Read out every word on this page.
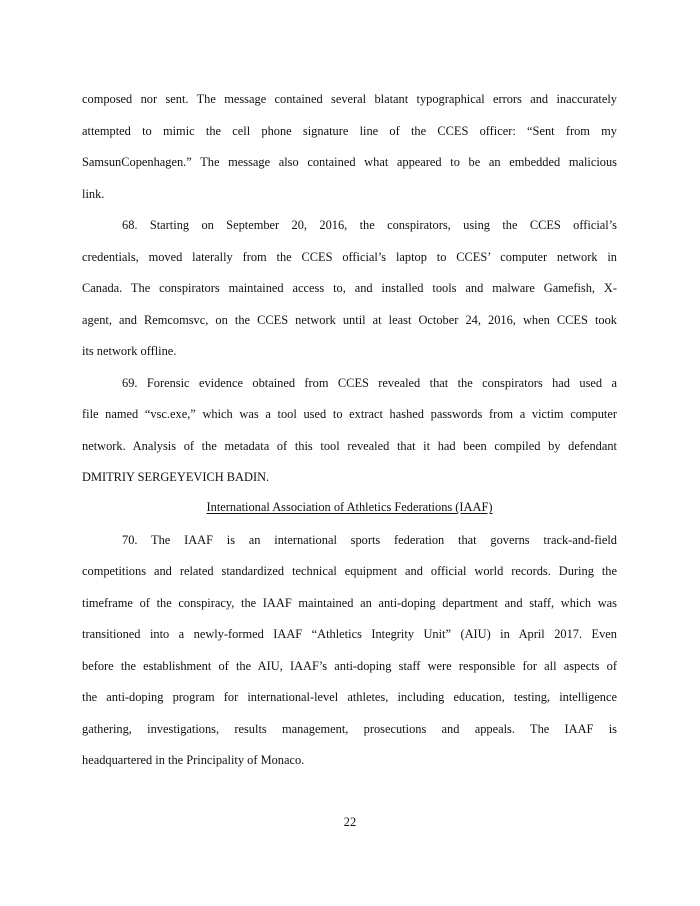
composed nor sent. The message contained several blatant typographical errors and inaccurately
attempted to mimic the cell phone signature line of the CCES officer: “Sent from my
SamsunCopenhagen.” The message also contained what appeared to be an embedded malicious
link.
68. Starting on September 20, 2016, the conspirators, using the CCES official’s
credentials, moved laterally from the CCES official’s laptop to CCES’ computer network in
Canada. The conspirators maintained access to, and installed tools and malware Gamefish, X-
agent, and Remcomsvc, on the CCES network until at least October 24, 2016, when CCES took
its network offline.
69. Forensic evidence obtained from CCES revealed that the conspirators had used a
file named “vsc.exe,” which was a tool used to extract hashed passwords from a victim computer
network. Analysis of the metadata of this tool revealed that it had been compiled by defendant
DMITRIY SERGEYEVICH BADIN.
International Association of Athletics Federations (IAAF)
70. The IAAF is an international sports federation that governs track-and-field
competitions and related standardized technical equipment and official world records. During the
timeframe of the conspiracy, the IAAF maintained an anti-doping department and staff, which was
transitioned into a newly-formed IAAF “Athletics Integrity Unit” (AIU) in April 2017. Even
before the establishment of the AIU, IAAF’s anti-doping staff were responsible for all aspects of
the anti-doping program for international-level athletes, including education, testing, intelligence
gathering, investigations, results management, prosecutions and appeals. The IAAF is
headquartered in the Principality of Monaco.
22
